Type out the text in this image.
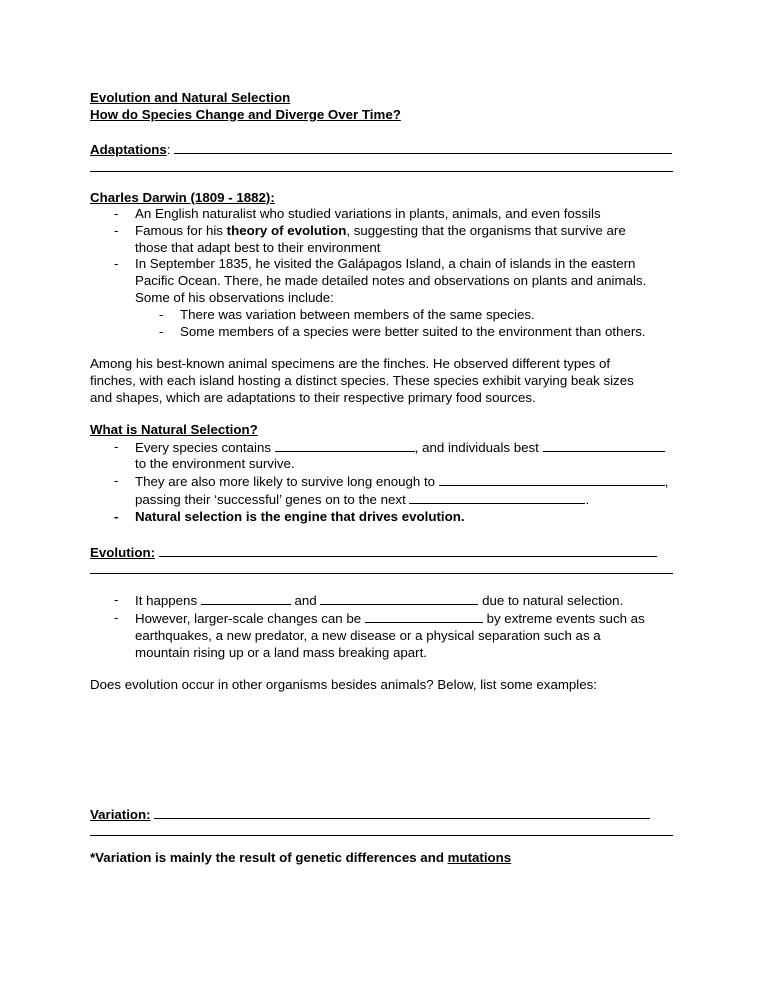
Evolution and Natural Selection
How do Species Change and Diverge Over Time?
Adaptations:
Charles Darwin (1809 - 1882):
- An English naturalist who studied variations in plants, animals, and even fossils
- Famous for his theory of evolution, suggesting that the organisms that survive are
those that adapt best to their environment
- In September 1835, he visited the Galápagos Island, a chain of islands in the eastern
Pacific Ocean. There, he made detailed notes and observations on plants and animals.
Some of his observations include:
- There was variation between members of the same species.
- Some members of a species were better suited to the environment than others.
Among his best-known animal specimens are the finches. He observed different types of
finches, with each island hosting a distinct species. These species exhibit varying beak sizes
and shapes, which are adaptations to their respective primary food sources.
What is Natural Selection?
- Every species contains	, and individuals best
to the environment survive.
- They are also more likely to survive long enough to	,
passing their ‘successful’ genes on to the next	.
- Natural selection is the engine that drives evolution.
Evolution:
- It happens	and	due to natural selection.
- However, larger-scale changes can be	by extreme events such as
earthquakes, a new predator, a new disease or a physical separation such as a
mountain rising up or a land mass breaking apart.
Does evolution occur in other organisms besides animals? Below, list some examples:
Variation:
*Variation is mainly the result of genetic differences and mutations
